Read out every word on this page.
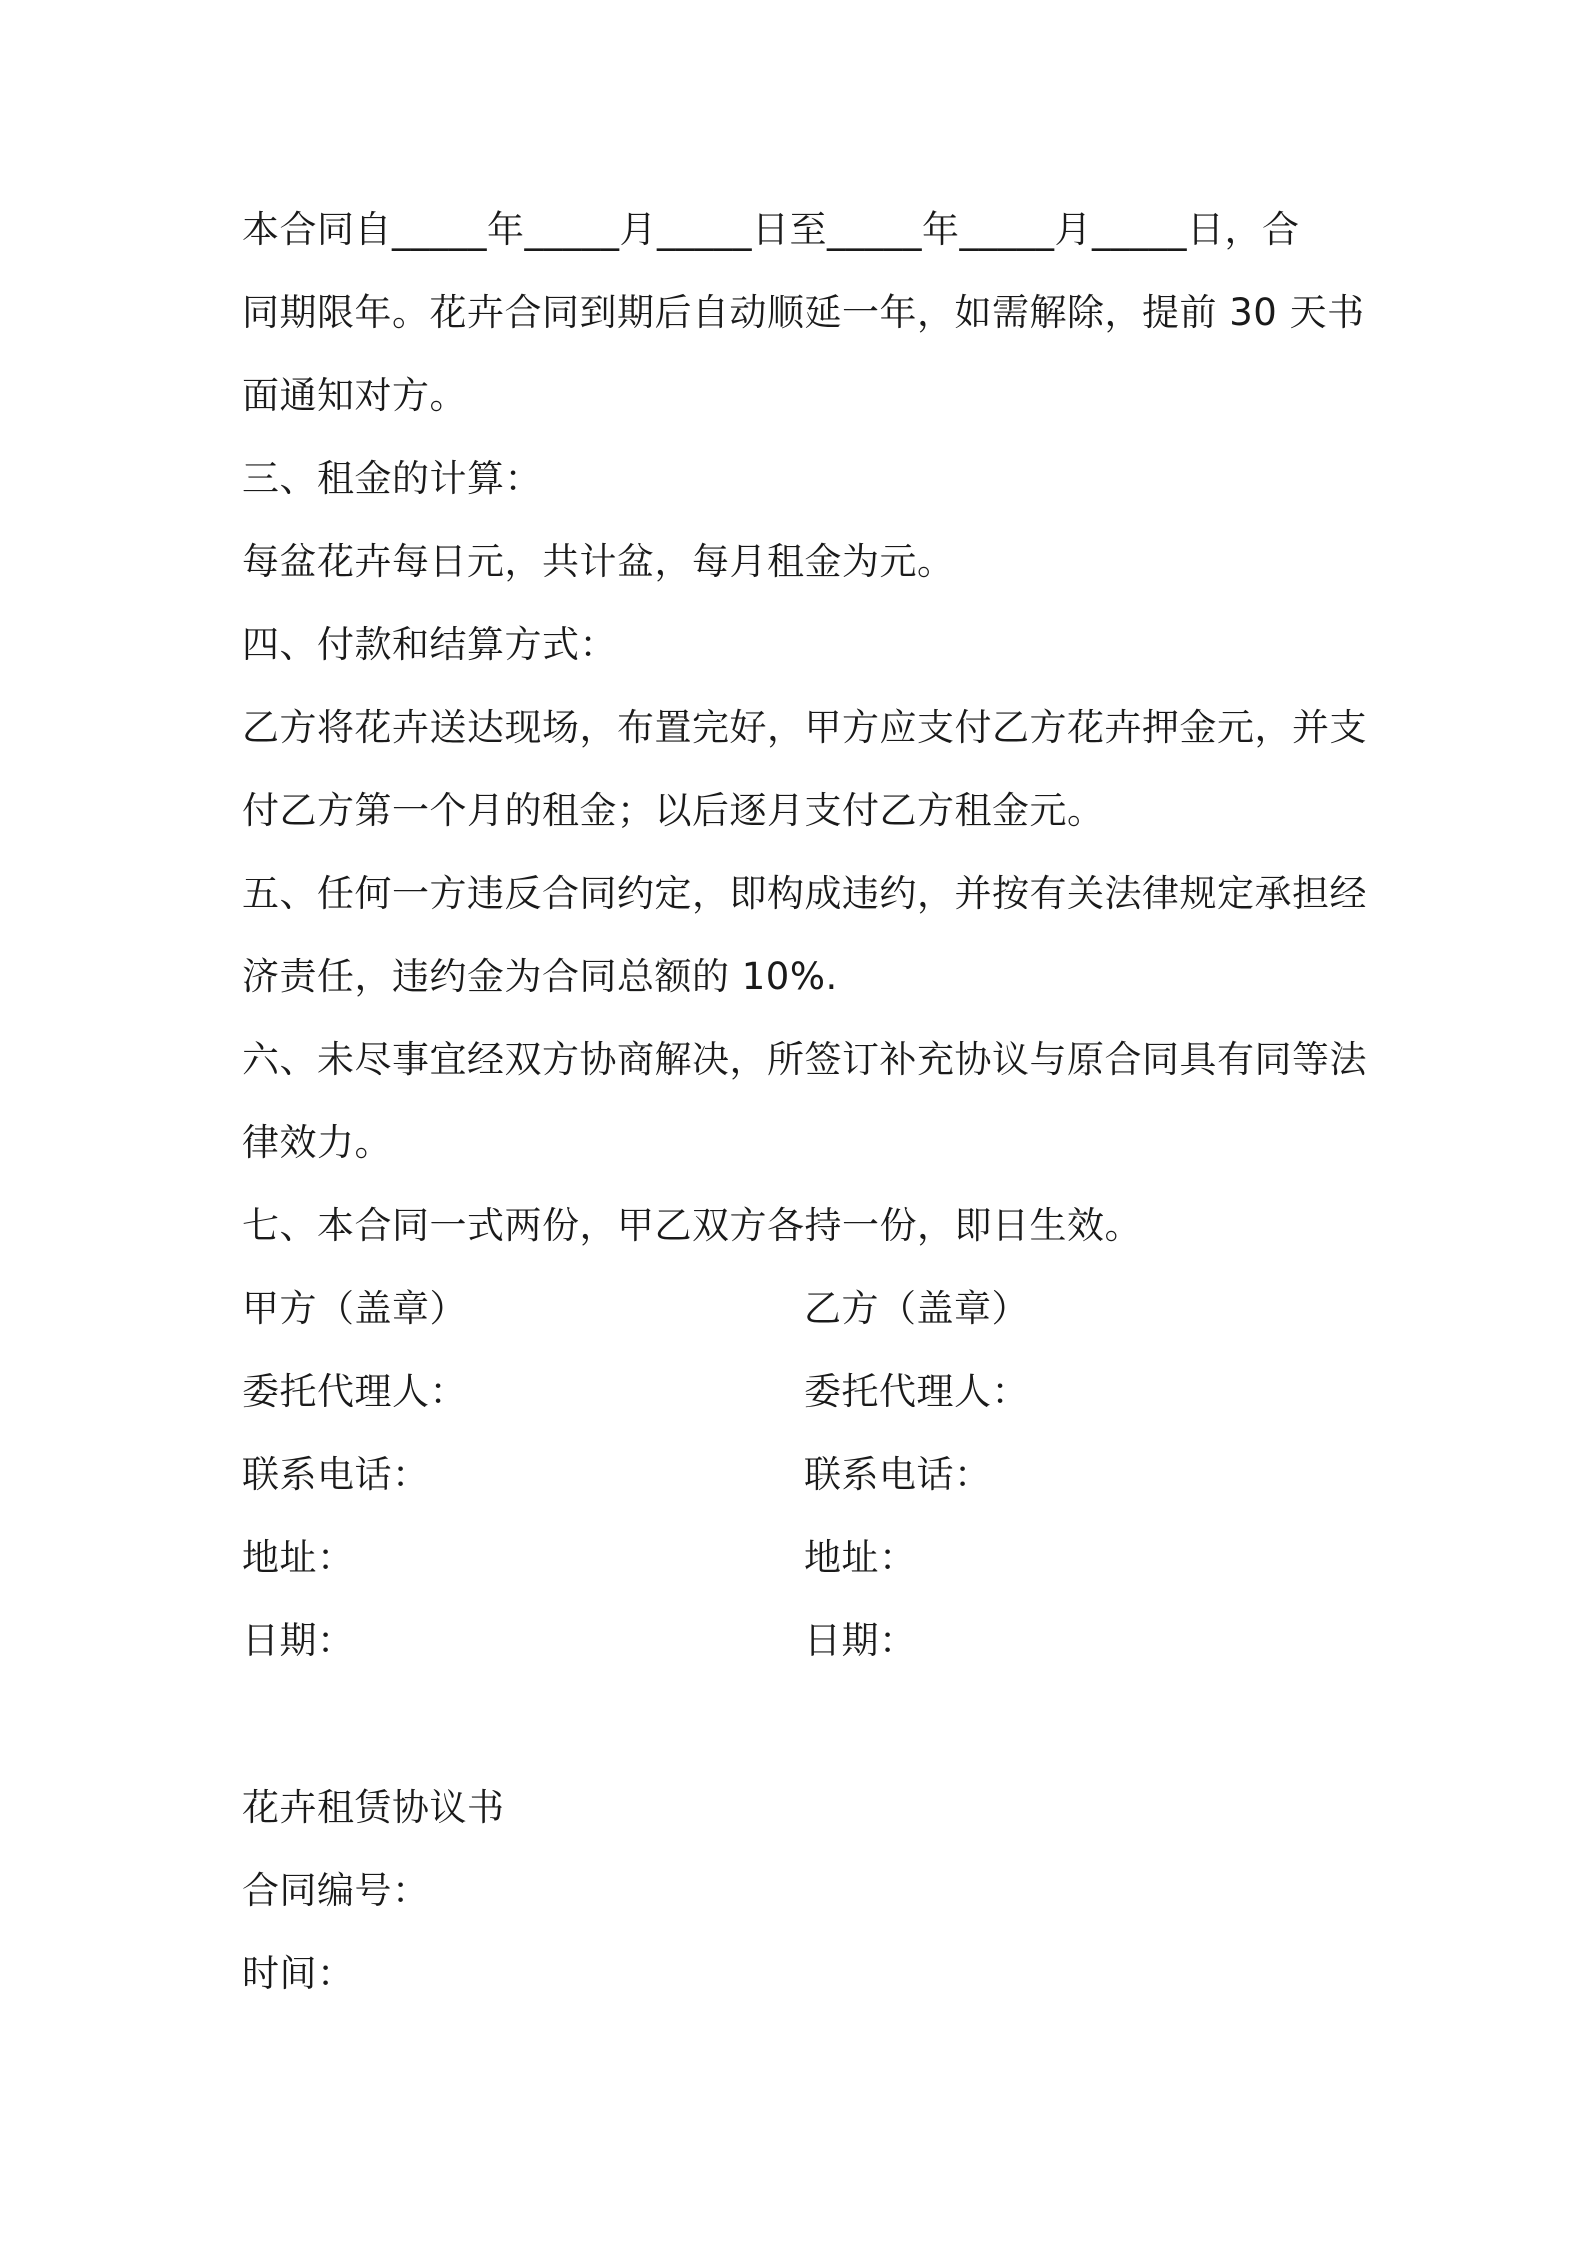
本合同自_____年_____月_____日至_____年_____月_____日，合
同期限年。花卉合同到期后自动顺延一年，如需解除，提前 30 天书
面通知对方。
三、租金的计算：
每盆花卉每日元，共计盆，每月租金为元。
四、付款和结算方式：
乙方将花卉送达现场，布置完好，甲方应支付乙方花卉押金元，并支
付乙方第一个月的租金；以后逐月支付乙方租金元。
五、任何一方违反合同约定，即构成违约，并按有关法律规定承担经
济责任，违约金为合同总额的 10%.
六、未尽事宜经双方协商解决，所签订补充协议与原合同具有同等法
律效力。
七、本合同一式两份，甲乙双方各持一份，即日生效。
甲方（盖章）
委托代理人：
联系电话：
地址：
日期：
乙方（盖章）
委托代理人：
联系电话：
地址：
日期：
花卉租赁协议书
合同编号：
时间：
